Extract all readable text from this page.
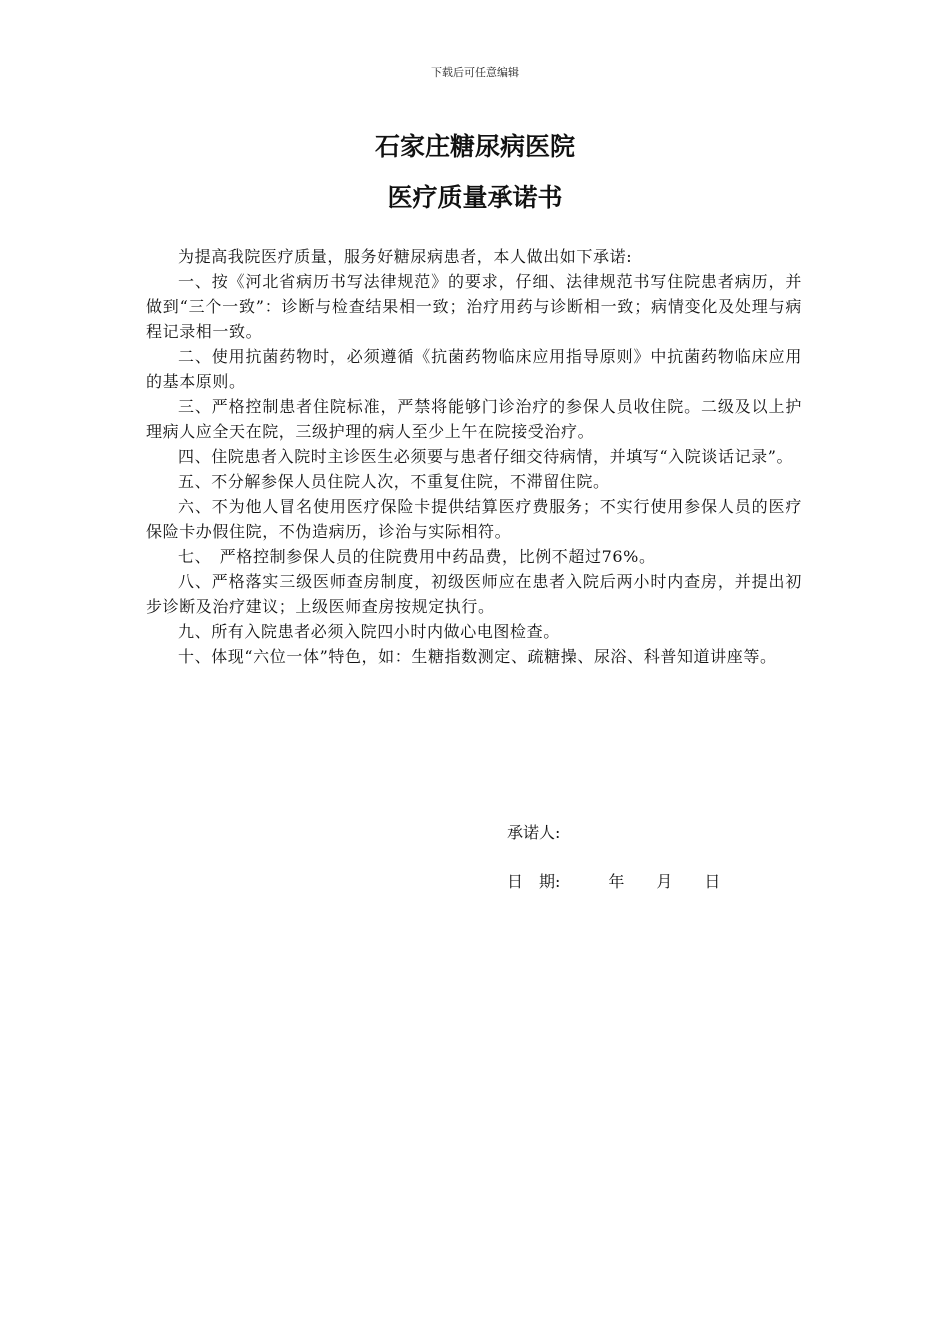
下载后可任意编辑
石家庄糖尿病医院
医疗质量承诺书

为提高我院医疗质量，服务好糖尿病患者，本人做出如下承诺:

一、按《河北省病历书写法律规范》的要求，仔细、法律规范书写住院患者病历，并做到“三个一致”：诊断与检查结果相一致；治疗用药与诊断相一致；病情变化及处理与病程记录相一致。

二、使用抗菌药物时，必须遵循《抗菌药物临床应用指导原则》中抗菌药物临床应用的基本原则。

三、严格控制患者住院标准，严禁将能够门诊治疗的参保人员收住院。二级及以上护理病人应全天在院，三级护理的病人至少上午在院接受治疗。

四、住院患者入院时主诊医生必须要与患者仔细交待病情，并填写“入院谈话记录”。

五、不分解参保人员住院人次，不重复住院，不滞留住院。

六、不为他人冒名使用医疗保险卡提供结算医疗费服务；不实行使用参保人员的医疗保险卡办假住院，不伪造病历，诊治与实际相符。

七、　严格控制参保人员的住院费用中药品费，比例不超过76%。

八、严格落实三级医师查房制度，初级医师应在患者入院后两小时内查房，并提出初步诊断及治疗建议；上级医师查房按规定执行。

九、所有入院患者必须入院四小时内做心电图检查。

十、体现“六位一体”特色，如：生糖指数测定、疏糖操、尿浴、科普知道讲座等。

承诺人:
日　期:　　　年　　月　　日
